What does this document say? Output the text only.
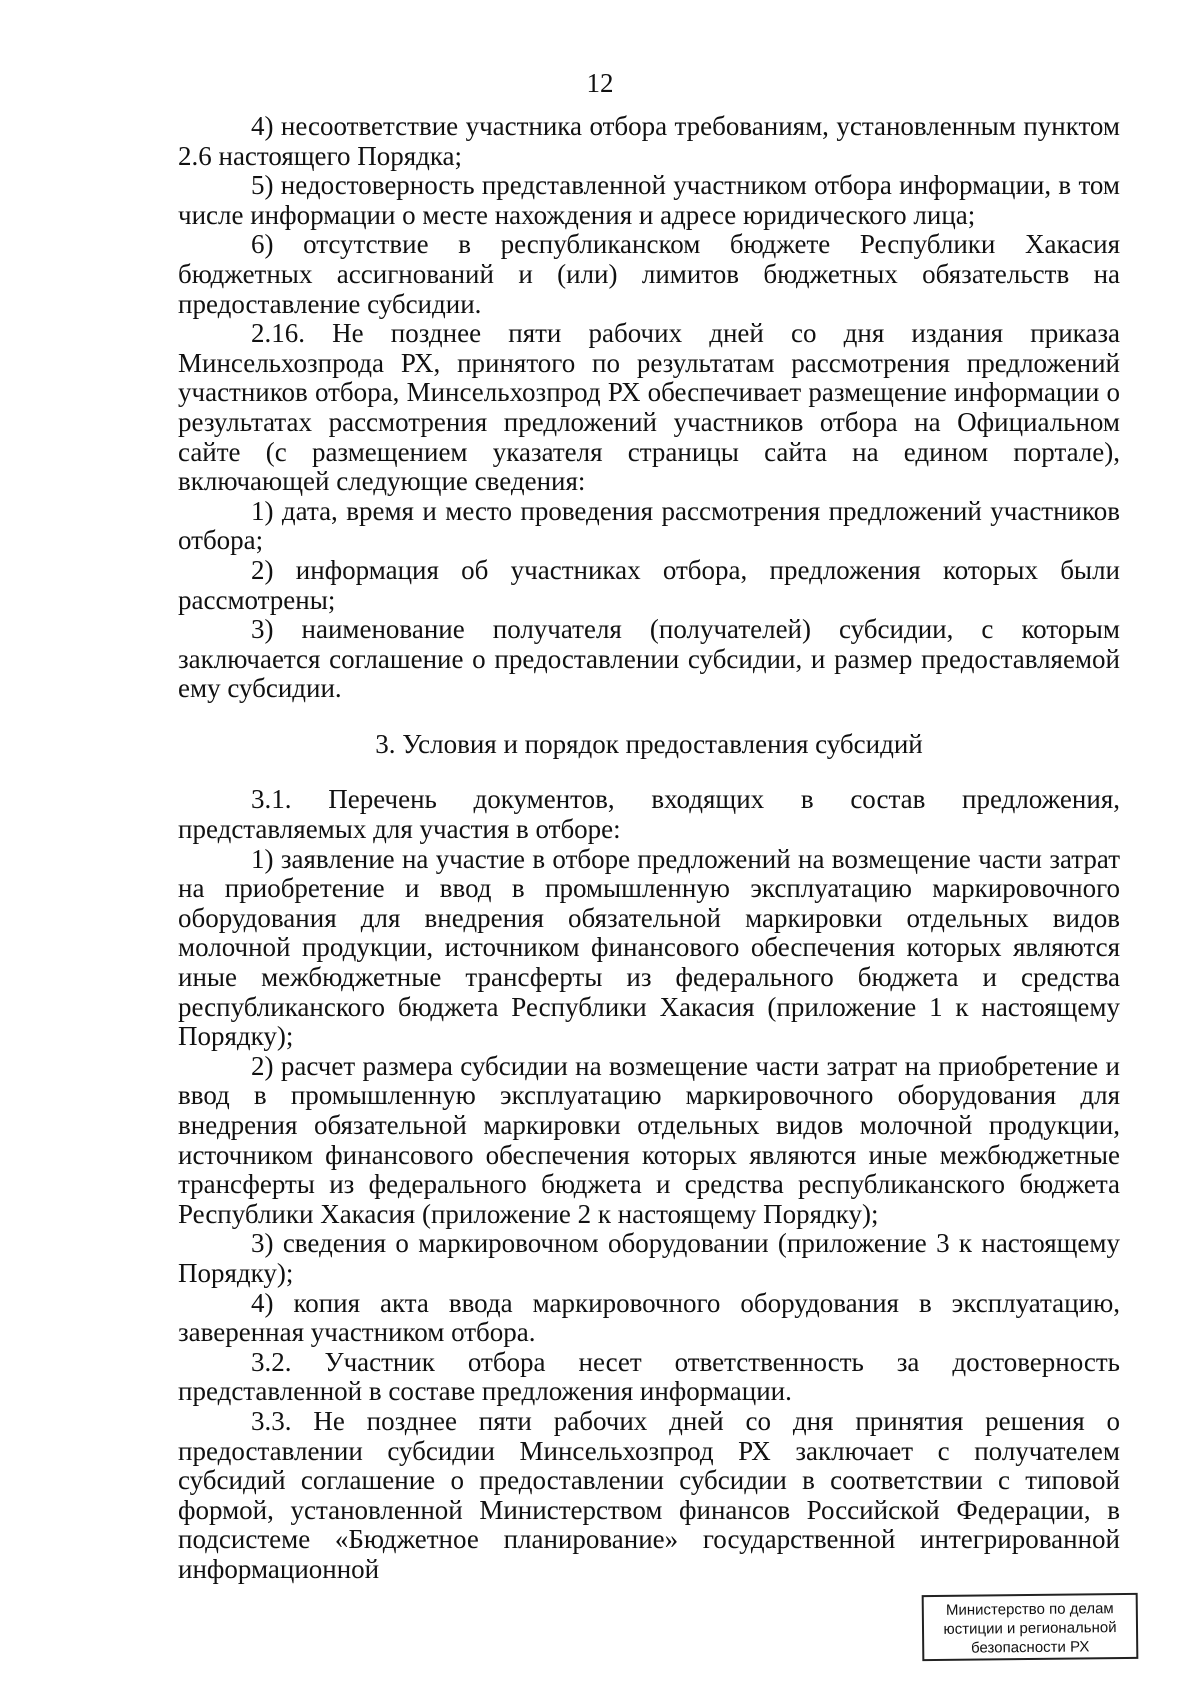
12

4) несоответствие участника отбора требованиям, установленным пунктом 2.6 настоящего Порядка;

5) недостоверность представленной участником отбора информации, в том числе информации о месте нахождения и адресе юридического лица;

6) отсутствие в республиканском бюджете Республики Хакасия бюджетных ассигнований и (или) лимитов бюджетных обязательств на предоставление субсидии.

2.16. Не позднее пяти рабочих дней со дня издания приказа Минсельхозпрода РХ, принятого по результатам рассмотрения предложений участников отбора, Минсельхозпрод РХ обеспечивает размещение информации о результатах рассмотрения предложений участников отбора на Официальном сайте (с размещением указателя страницы сайта на едином портале), включающей следующие сведения:

1) дата, время и место проведения рассмотрения предложений участников отбора;

2) информация об участниках отбора, предложения которых были рассмотрены;

3) наименование получателя (получателей) субсидии, с которым заключается соглашение о предоставлении субсидии, и размер предоставляемой ему субсидии.

3. Условия и порядок предоставления субсидий

3.1. Перечень документов, входящих в состав предложения, представляемых для участия в отборе:

1) заявление на участие в отборе предложений на возмещение части затрат на приобретение и ввод в промышленную эксплуатацию маркировочного оборудования для внедрения обязательной маркировки отдельных видов молочной продукции, источником финансового обеспечения которых являются иные межбюджетные трансферты из федерального бюджета и средства республиканского бюджета Республики Хакасия (приложение 1 к настоящему Порядку);

2) расчет размера субсидии на возмещение части затрат на приобретение и ввод в промышленную эксплуатацию маркировочного оборудования для внедрения обязательной маркировки отдельных видов молочной продукции, источником финансового обеспечения которых являются иные межбюджетные трансферты из федерального бюджета и средства республиканского бюджета Республики Хакасия (приложение 2 к настоящему Порядку);

3) сведения о маркировочном оборудовании (приложение 3 к настоящему Порядку);

4) копия акта ввода маркировочного оборудования в эксплуатацию, заверенная участником отбора.

3.2. Участник отбора несет ответственность за достоверность представленной в составе предложения информации.

3.3. Не позднее пяти рабочих дней со дня принятия решения о предоставлении субсидии Минсельхозпрод РХ заключает с получателем субсидий соглашение о предоставлении субсидии в соответствии с типовой формой, установленной Министерством финансов Российской Федерации, в подсистеме «Бюджетное планирование» государственной интегрированной информационной

Министерство по делам
юстиции и региональной
безопасности РХ
